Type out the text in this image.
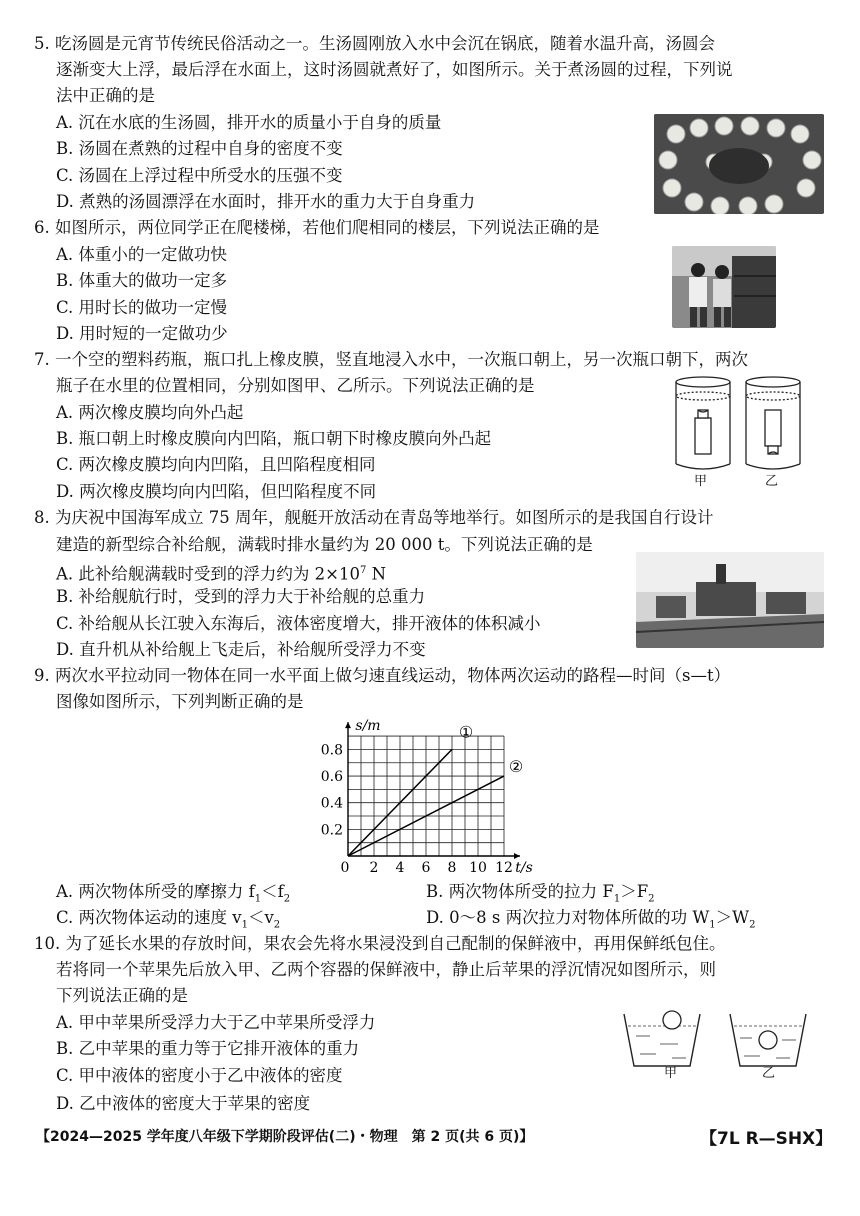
5. 吃汤圆是元宵节传统民俗活动之一。生汤圆刚放入水中会沉在锅底，随着水温升高，汤圆会
逐渐变大上浮，最后浮在水面上，这时汤圆就煮好了，如图所示。关于煮汤圆的过程，下列说
法中正确的是
A. 沉在水底的生汤圆，排开水的质量小于自身的质量
B. 汤圆在煮熟的过程中自身的密度不变
C. 汤圆在上浮过程中所受水的压强不变
D. 煮熟的汤圆漂浮在水面时，排开水的重力大于自身重力
6. 如图所示，两位同学正在爬楼梯，若他们爬相同的楼层，下列说法正确的是
A. 体重小的一定做功快
B. 体重大的做功一定多
C. 用时长的做功一定慢
D. 用时短的一定做功少
7. 一个空的塑料药瓶，瓶口扎上橡皮膜，竖直地浸入水中，一次瓶口朝上，另一次瓶口朝下，两次
瓶子在水里的位置相同，分别如图甲、乙所示。下列说法正确的是
A. 两次橡皮膜均向外凸起
B. 瓶口朝上时橡皮膜向内凹陷，瓶口朝下时橡皮膜向外凸起
C. 两次橡皮膜均向内凹陷，且凹陷程度相同
D. 两次橡皮膜均向内凹陷，但凹陷程度不同
甲	乙
8. 为庆祝中国海军成立 75 周年，舰艇开放活动在青岛等地举行。如图所示的是我国自行设计
建造的新型综合补给舰，满载时排水量约为 20 000 t。下列说法正确的是
A. 此补给舰满载时受到的浮力约为 $2\times 10^7$ N
B. 补给舰航行时，受到的浮力大于补给舰的总重力
C. 补给舰从长江驶入东海后，液体密度增大，排开液体的体积减小
D. 直升机从补给舰上飞走后，补给舰所受浮力不变
9. 两次水平拉动同一物体在同一水平面上做匀速直线运动，物体两次运动的路程—时间（s—t）
图像如图所示，下列判断正确的是
2 4 6 8 10 12
0.2
0.4
0.6
0.8
0	t/s
s/m	①
②
A. 两次物体所受的摩擦力 $f_1<f_2$	B. 两次物体所受的拉力 $F_1>F_2$
C. 两次物体运动的速度 $v_1<v_2$	D. 0～8 s 两次拉力对物体所做的功 $W_1>W_2$
10. 为了延长水果的存放时间，果农会先将水果浸没到自己配制的保鲜液中，再用保鲜纸包住。
若将同一个苹果先后放入甲、乙两个容器的保鲜液中，静止后苹果的浮沉情况如图所示，则
下列说法正确的是
A. 甲中苹果所受浮力大于乙中苹果所受浮力
B. 乙中苹果的重力等于它排开液体的重力
C. 甲中液体的密度小于乙中液体的密度
D. 乙中液体的密度大于苹果的密度
甲	乙
【2024—2025 学年度八年级下学期阶段评估(二)・物理　第 2 页(共 6 页)】	【7L R—SHX】
